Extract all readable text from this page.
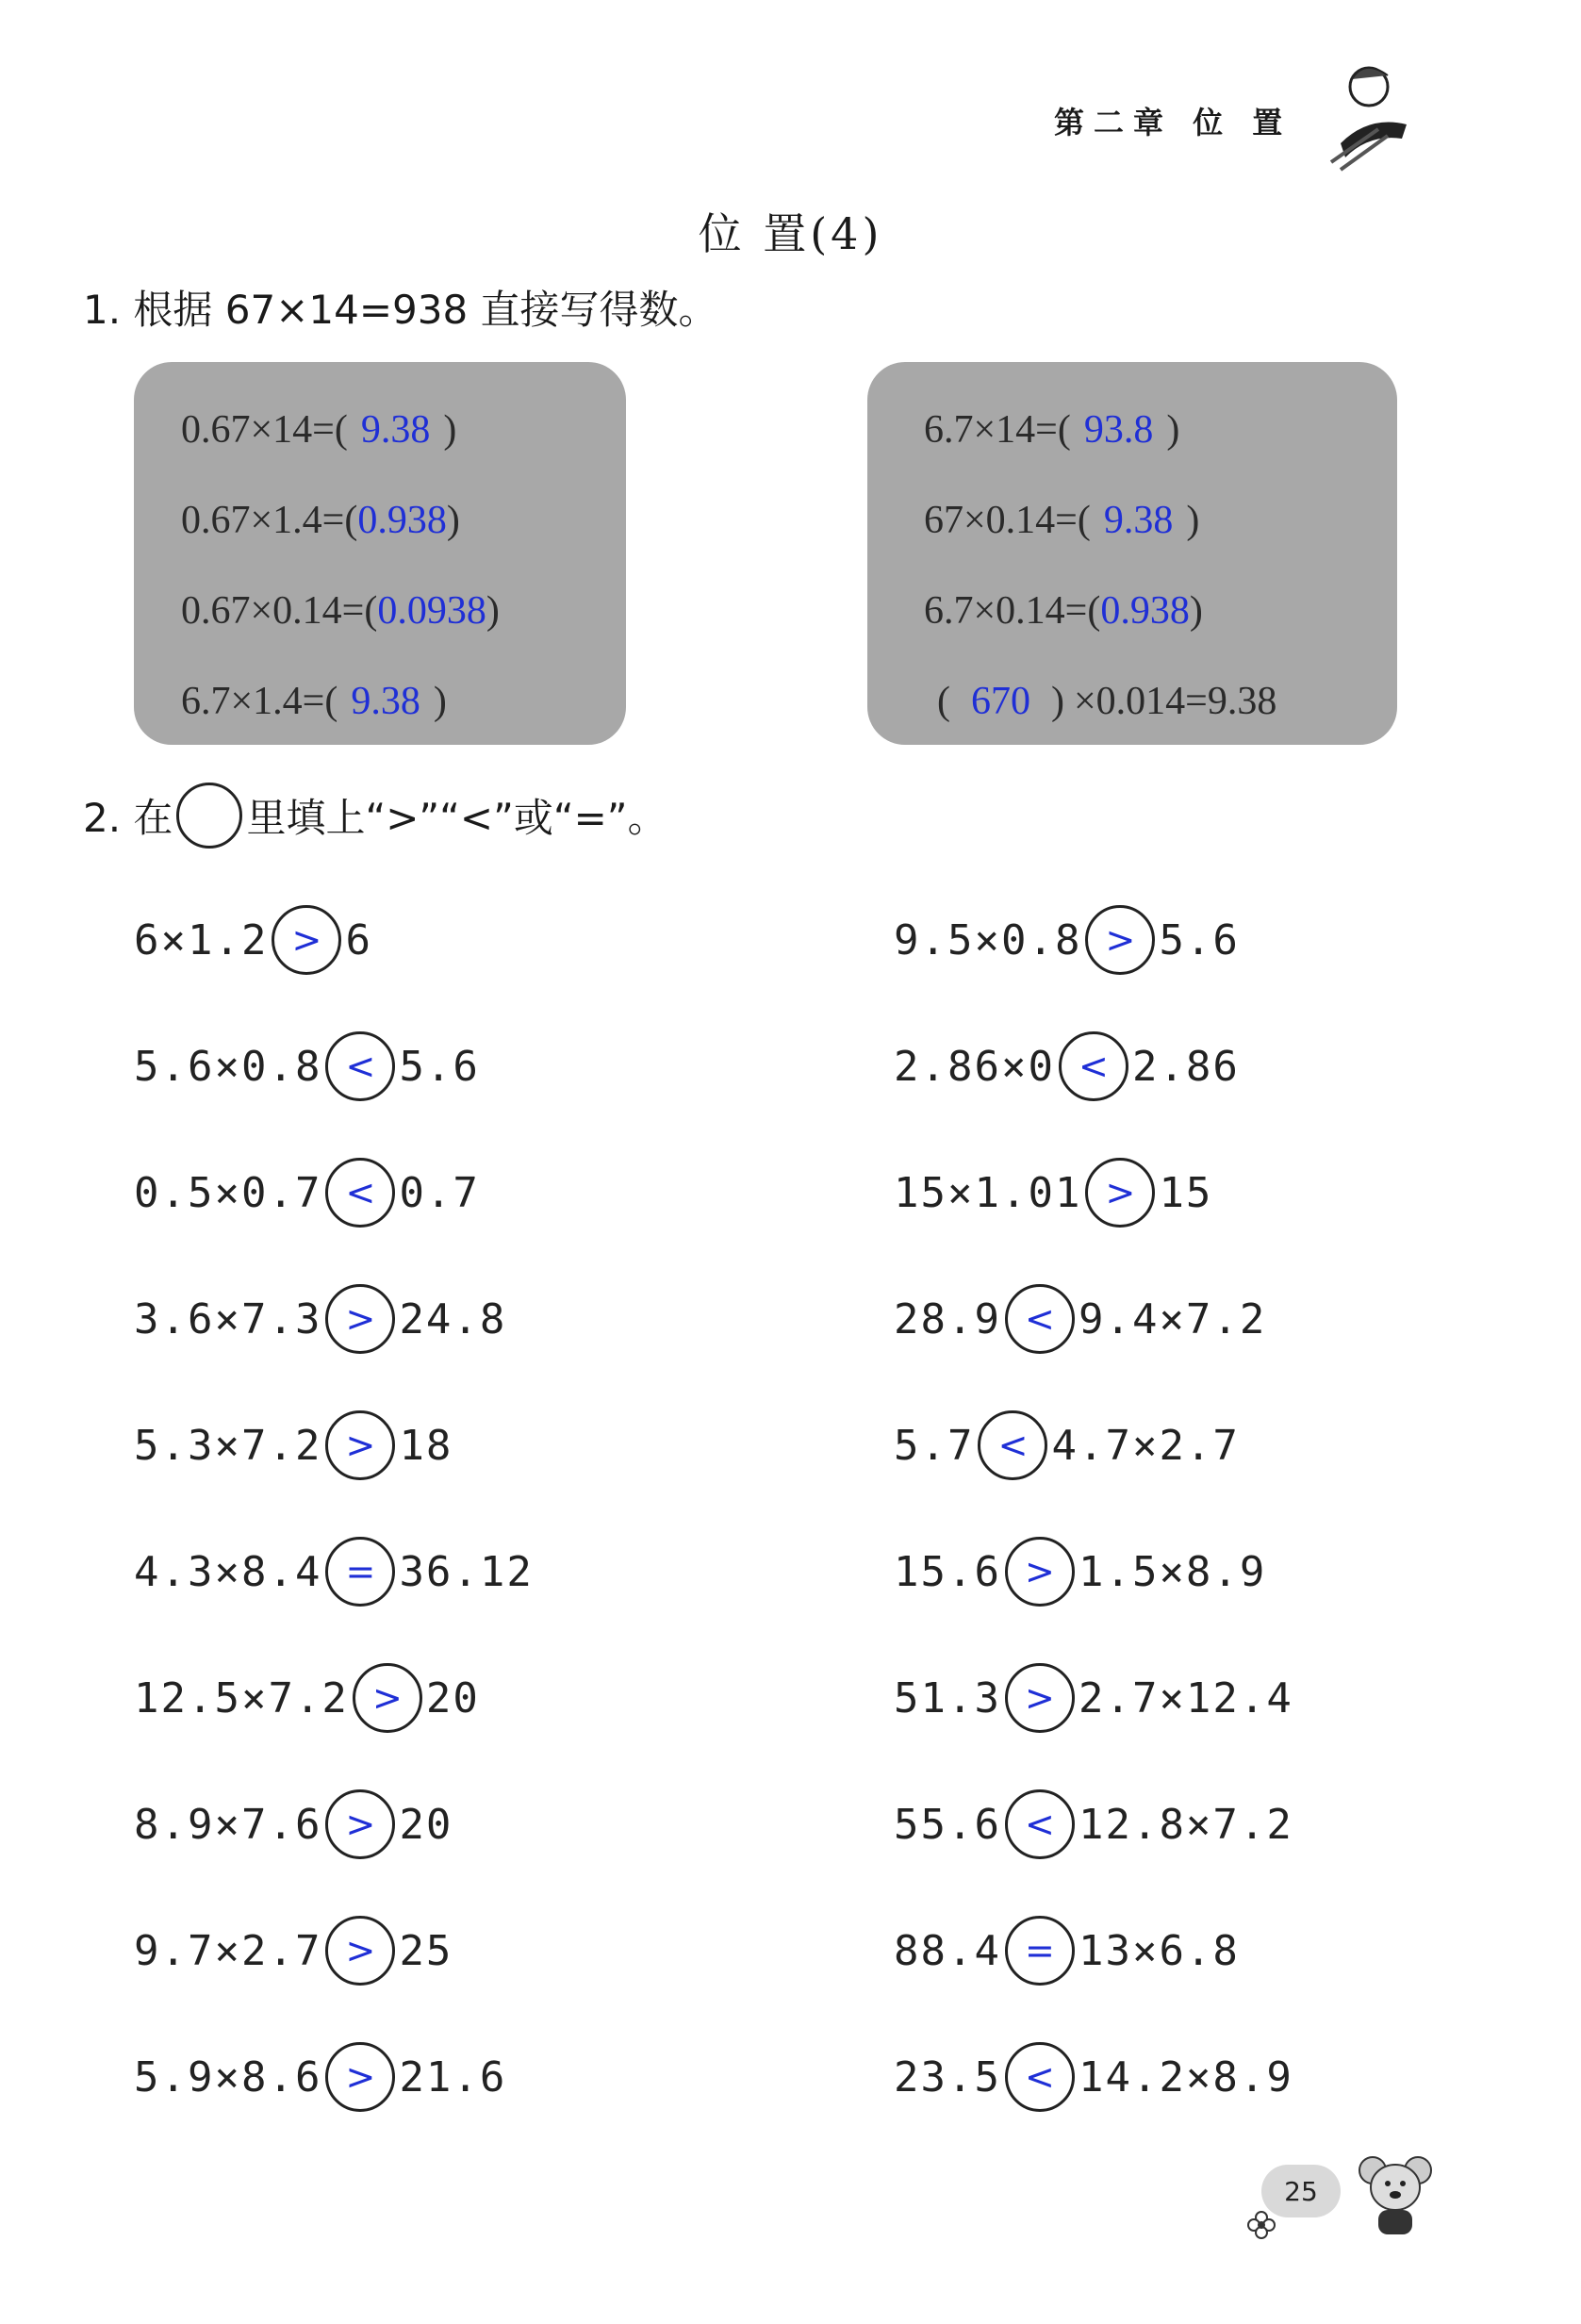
第二章 位 置
位 置(4)
1. 根据 67×14=938 直接写得数。
0.67×14=( 9.38 )
0.67×1.4=(0.938)
0.67×0.14=(0.0938)
6.7×1.4=( 9.38 )
6.7×14=( 93.8 )
67×0.14=( 9.38 )
6.7×0.14=(0.938)
( 670 ) ×0.014=9.38
2. 在 里填上“>”“<”或“=”。
6×1.2 > 6
5.6×0.8 < 5.6
0.5×0.7 < 0.7
3.6×7.3 > 24.8
5.3×7.2 > 18
4.3×8.4 = 36.12
12.5×7.2 > 20
8.9×7.6 > 20
9.7×2.7 > 25
5.9×8.6 > 21.6
9.5×0.8 > 5.6
2.86×0 < 2.86
15×1.01 > 15
28.9 < 9.4×7.2
5.7 < 4.7×2.7
15.6 > 1.5×8.9
51.3 > 2.7×12.4
55.6 < 12.8×7.2
88.4 = 13×6.8
23.5 < 14.2×8.9
25
